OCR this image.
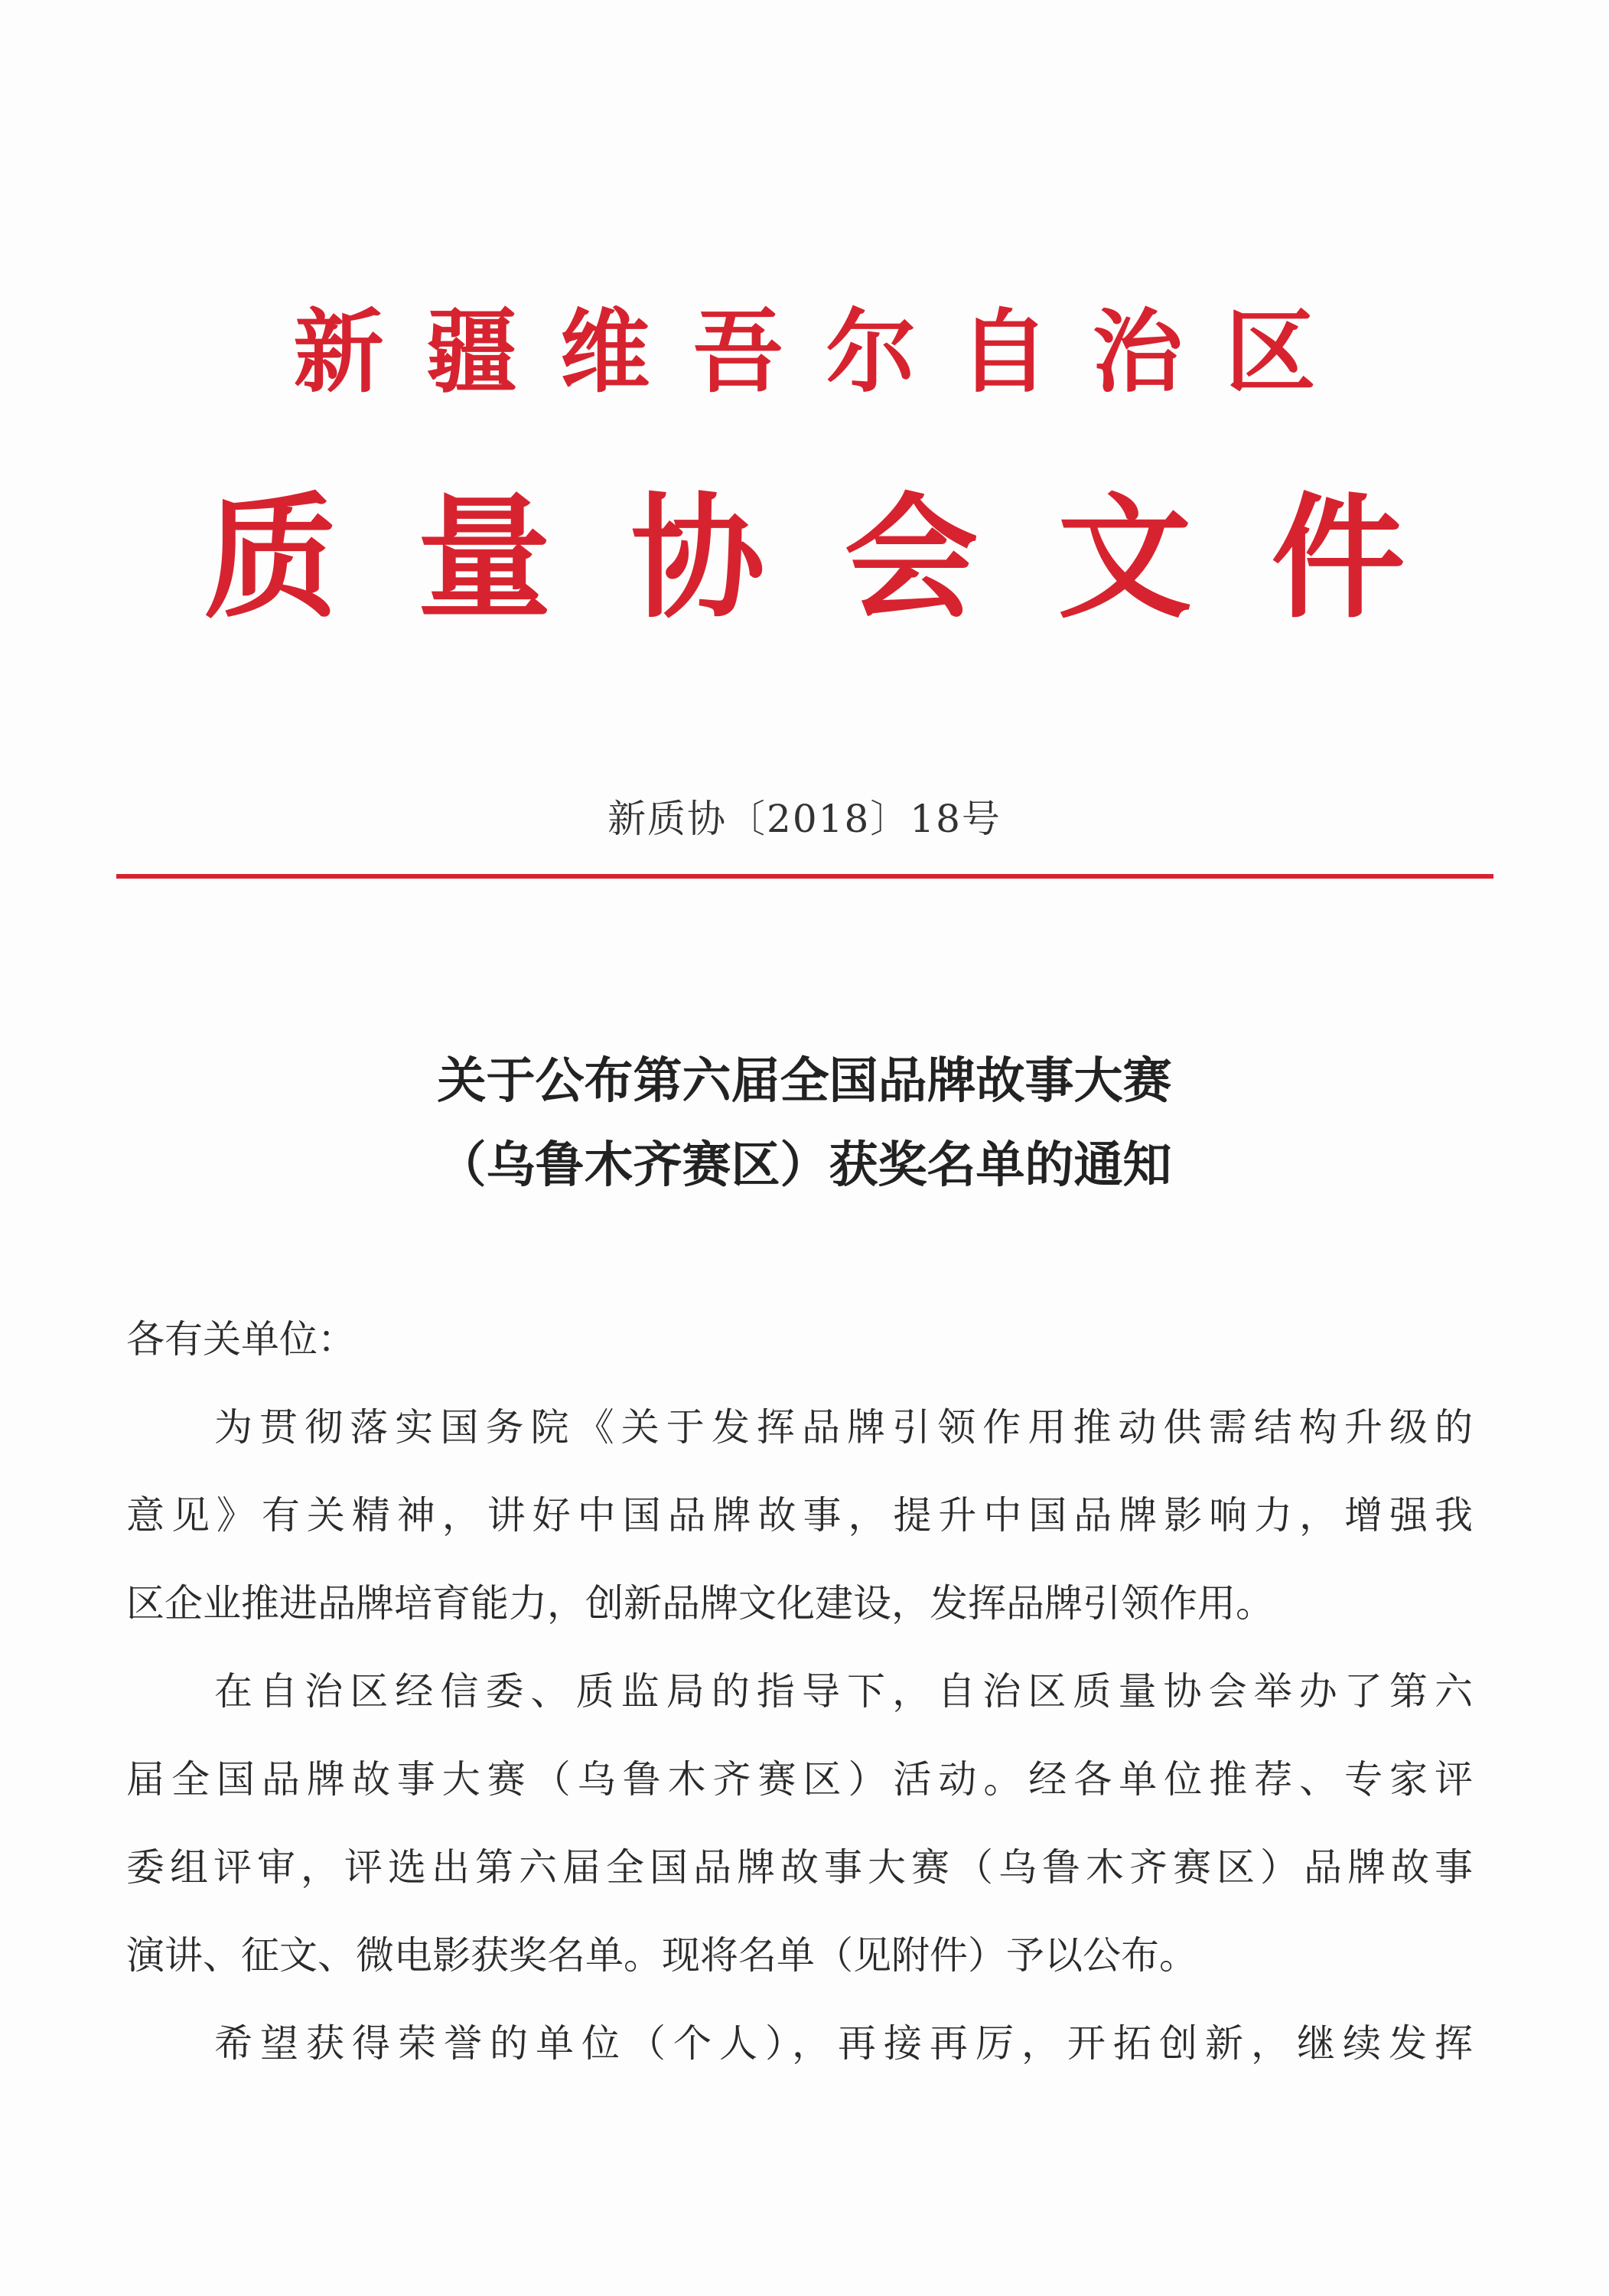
新疆维吾尔自治区
质量协会文件
新质协〔2018〕18号
关于公布第六届全国品牌故事大赛
（乌鲁木齐赛区）获奖名单的通知
各有关单位：
为贯彻落实国务院《关于发挥品牌引领作用推动供需结构升级的
意见》有关精神，讲好中国品牌故事，提升中国品牌影响力，增强我
区企业推进品牌培育能力，创新品牌文化建设，发挥品牌引领作用。
在自治区经信委、质监局的指导下，自治区质量协会举办了第六
届全国品牌故事大赛（乌鲁木齐赛区）活动。经各单位推荐、专家评
委组评审，评选出第六届全国品牌故事大赛（乌鲁木齐赛区）品牌故事
演讲、征文、微电影获奖名单。现将名单（见附件）予以公布。
希望获得荣誉的单位（个人），再接再厉，开拓创新，继续发挥
